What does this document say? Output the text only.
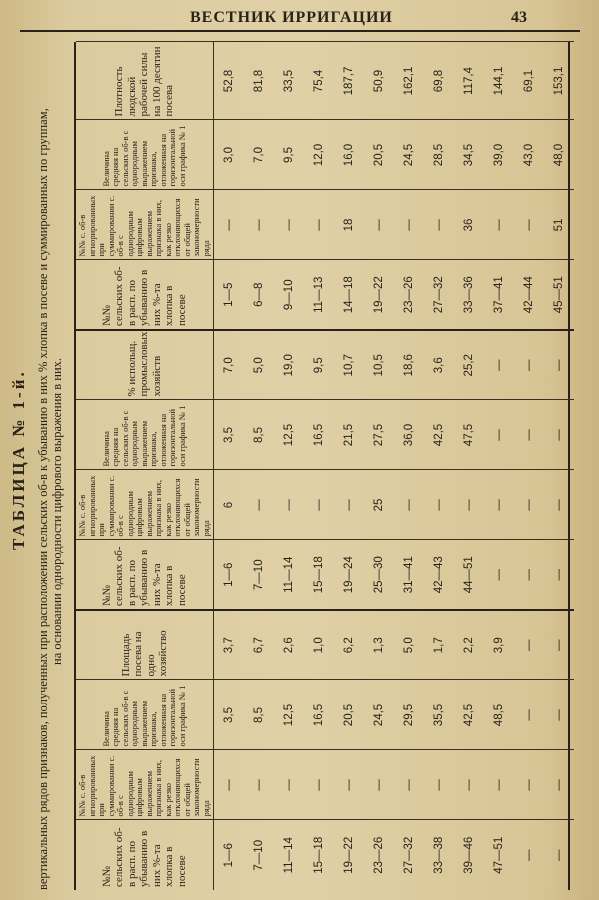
ВЕСТНИК ИРРИГАЦИИ	43
ТАБЛИЦА № 1-й. вертикальных рядов признаков, полученных при расположении сельских об-в к убыванию в них % хлопка в посеве и суммированных по группам, на основании однородности цифрового выражения в них.
№№ сельских об-в расп. по убыванию в них %-та хлопка в посеве	№№ с. об-в игнорированных при суммировании с. об-в с однородным цифровым выражением признака в них, как резко отклоняющихся от общей закономерности ряда	Величина средняя на сельских об-в с однородным выражением признака, отложенная на горизонтальной оси графика № 1	Площадь посева на одно хозяйство	№№ сельских об-в расп. по убыванию в них %-та хлопка в посеве	№№ с. об-в игнорированных при суммировании с. об-в с однородным цифровым выражением признака в них, как резко отклоняющихся от общей закономерности ряда	Величина средняя на сельских об-в с однородным выражением признака, отложенная на горизонтальной оси графика № 1	% испольщ. промысловых хозяйств	№№ сельских об-в расп. по убыванию в них %-та хлопка в посеве	№№ с. об-в игнорированных при суммировании с. об-в с однородным цифровым выражением признака в них, как резко отклоняющихся от общей закономерности ряда	Величина средняя на сельских об-в с однородным выражением признака, отложенная на горизонтальной оси графика № 1	Плотность людской рабочей силы на 100 десятин посева
1—6	—	3,5	3,7	1—6	6	3,5	7,0	1—5	—	3,0	52,8
7—10	—	8,5	6,7	7—10	—	8,5	5,0	6—8	—	7,0	81,8
11—14	—	12,5	2,6	11—14	—	12,5	19,0	9—10	—	9,5	33,5
15—18	—	16,5	1,0	15—18	—	16,5	9,5	11—13	—	12,0	75,4
19—22	—	20,5	6,2	19—24	—	21,5	10,7	14—18	18	16,0	187,7
23—26	—	24,5	1,3	25—30	25	27,5	10,5	19—22	—	20,5	50,9
27—32	—	29,5	5,0	31—41	—	36,0	18,6	23—26	—	24,5	162,1
33—38	—	35,5	1,7	42—43	—	42,5	3,6	27—32	—	28,5	69,8
39—46	—	42,5	2,2	44—51	—	47,5	25,2	33—36	36	34,5	117,4
47—51	—	48,5	3,9	—	—	—	—	37—41	—	39,0	144,1
—	—	—	—	—	—	—	—	42—44	—	43,0	69,1
—	—	—	—	—	—	—	—	45—51	51	48,0	153,1
